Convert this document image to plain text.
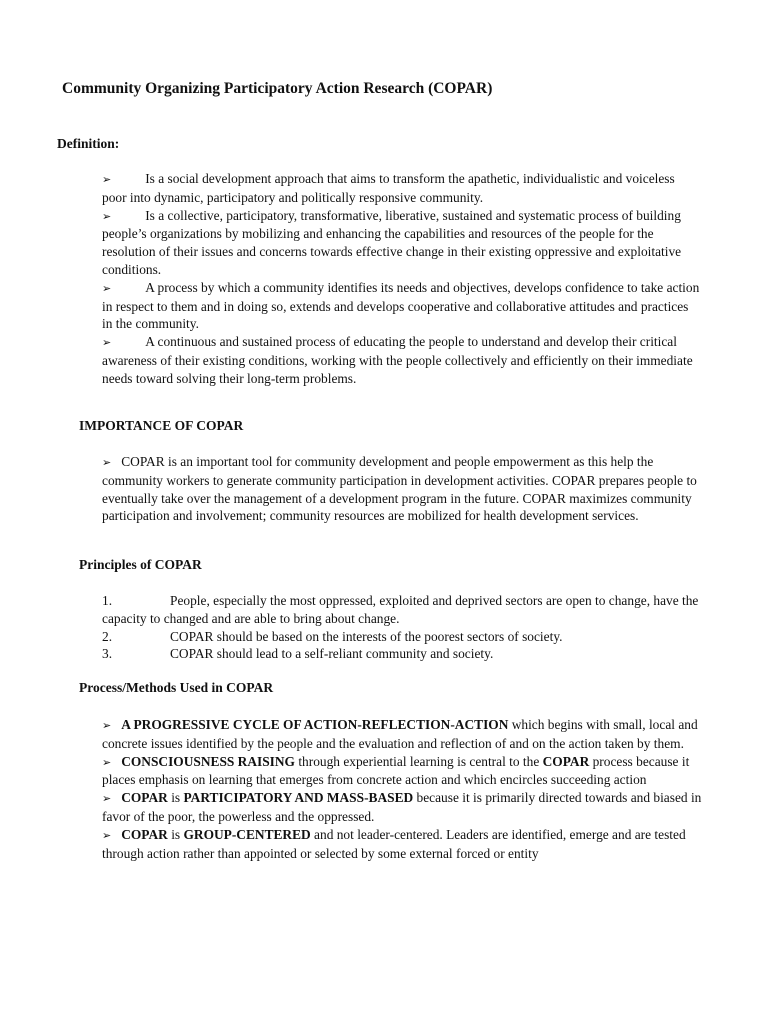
Community Organizing Participatory Action Research (COPAR)
Definition:

➢	Is a social development approach that aims to transform the apathetic, individualistic and voiceless poor into dynamic, participatory and politically responsive community.

➢	Is a collective, participatory, transformative, liberative, sustained and systematic process of building people’s organizations by mobilizing and enhancing the capabilities and resources of the people for the resolution of their issues and concerns towards effective change in their existing oppressive and exploitative conditions.

➢	A process by which a community identifies its needs and objectives, develops confidence to take action in respect to them and in doing so, extends and develops cooperative and collaborative attitudes and practices in the community.

➢	A continuous and sustained process of educating the people to understand and develop their critical awareness of their existing conditions, working with the people collectively and efficiently on their immediate needs toward solving their long-term problems.

IMPORTANCE OF COPAR

➢ COPAR is an important tool for community development and people empowerment as this help the community workers to generate community participation in development activities. COPAR prepares people to eventually take over the management of a development program in the future. COPAR maximizes community participation and involvement; community resources are mobilized for health development services.

Principles of COPAR

1.	People, especially the most oppressed, exploited and deprived sectors are open to change, have the capacity to changed and are able to bring about change.

2.	COPAR should be based on the interests of the poorest sectors of society.

3.	COPAR should lead to a self-reliant community and society.

Process/Methods Used in COPAR

➢ A PROGRESSIVE CYCLE OF ACTION-REFLECTION-ACTION which begins with small, local and concrete issues identified by the people and the evaluation and reflection of and on the action taken by them.

➢ CONSCIOUSNESS RAISING through experiential learning is central to the COPAR process because it places emphasis on learning that emerges from concrete action and which encircles succeeding action

➢ COPAR is PARTICIPATORY AND MASS-BASED because it is primarily directed towards and biased in favor of the poor, the powerless and the oppressed.

➢ COPAR is GROUP-CENTERED and not leader-centered. Leaders are identified, emerge and are tested through action rather than appointed or selected by some external forced or entity
